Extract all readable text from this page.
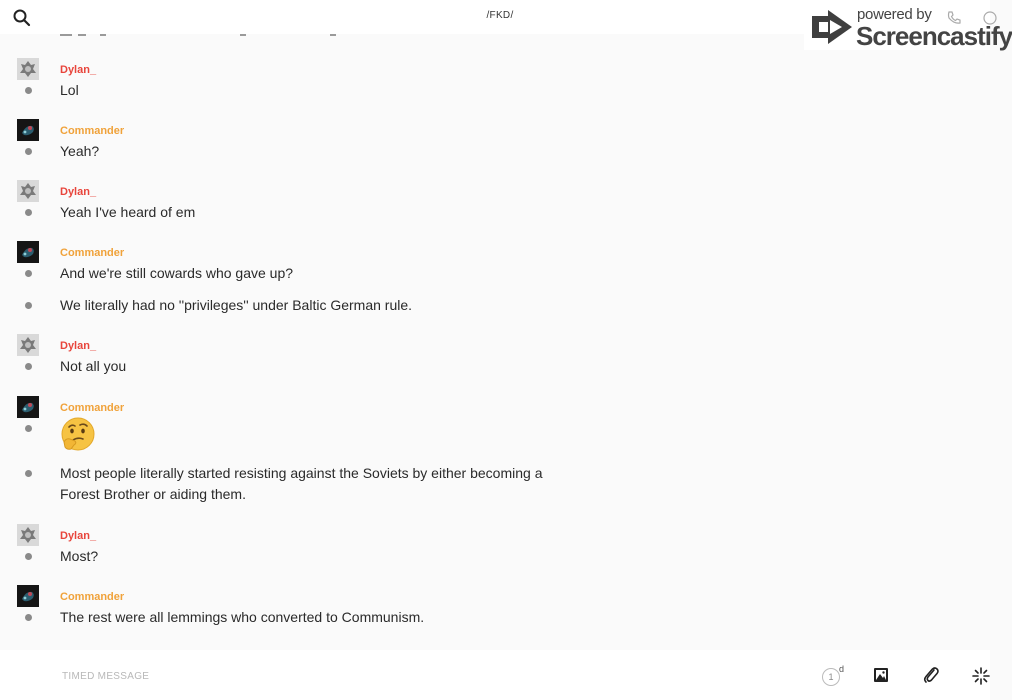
/FKD/	powered by
Screencastify
Dylan_
Lol
Commander
Yeah?
Dylan_
Yeah I've heard of em
Commander
And we're still cowards who gave up?
We literally had no ''privileges'' under Baltic German rule.
Dylan_
Not all you
Commander
Most people literally started resisting against the Soviets by either becoming a Forest Brother or aiding them.
Dylan_
Most?
Commander
The rest were all lemmings who converted to Communism.
TIMED MESSAGE
1
d
